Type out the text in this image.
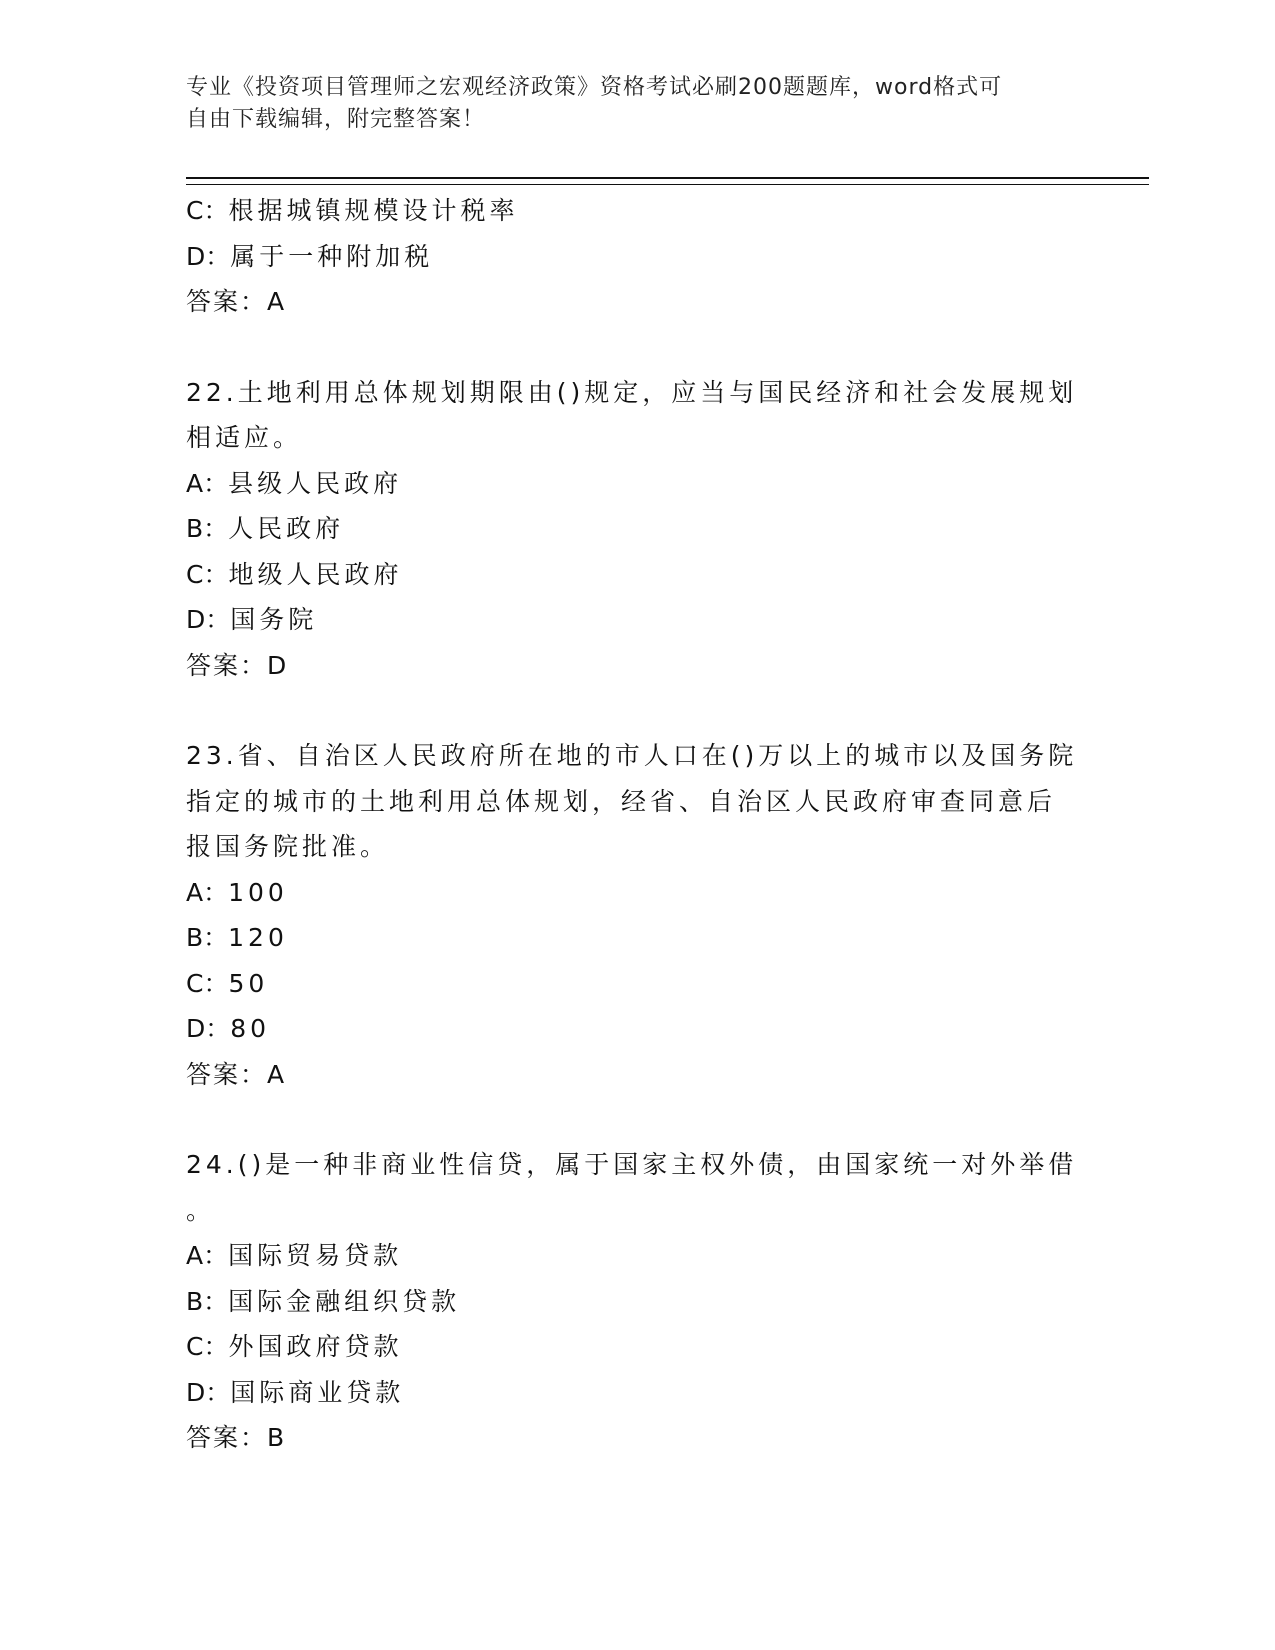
专业《投资项目管理师之宏观经济政策》资格考试必刷200题题库，word格式可
自由下载编辑，附完整答案！
C：根据城镇规模设计税率
D：属于一种附加税
答案：A
22.土地利用总体规划期限由()规定，应当与国民经济和社会发展规划
相适应。
A：县级人民政府
B：人民政府
C：地级人民政府
D：国务院
答案：D
23.省、自治区人民政府所在地的市人口在()万以上的城市以及国务院
指定的城市的土地利用总体规划，经省、自治区人民政府审查同意后
报国务院批准。
A：100
B：120
C：50
D：80
答案：A
24.()是一种非商业性信贷，属于国家主权外债，由国家统一对外举借
。
A：国际贸易贷款
B：国际金融组织贷款
C：外国政府贷款
D：国际商业贷款
答案：B
